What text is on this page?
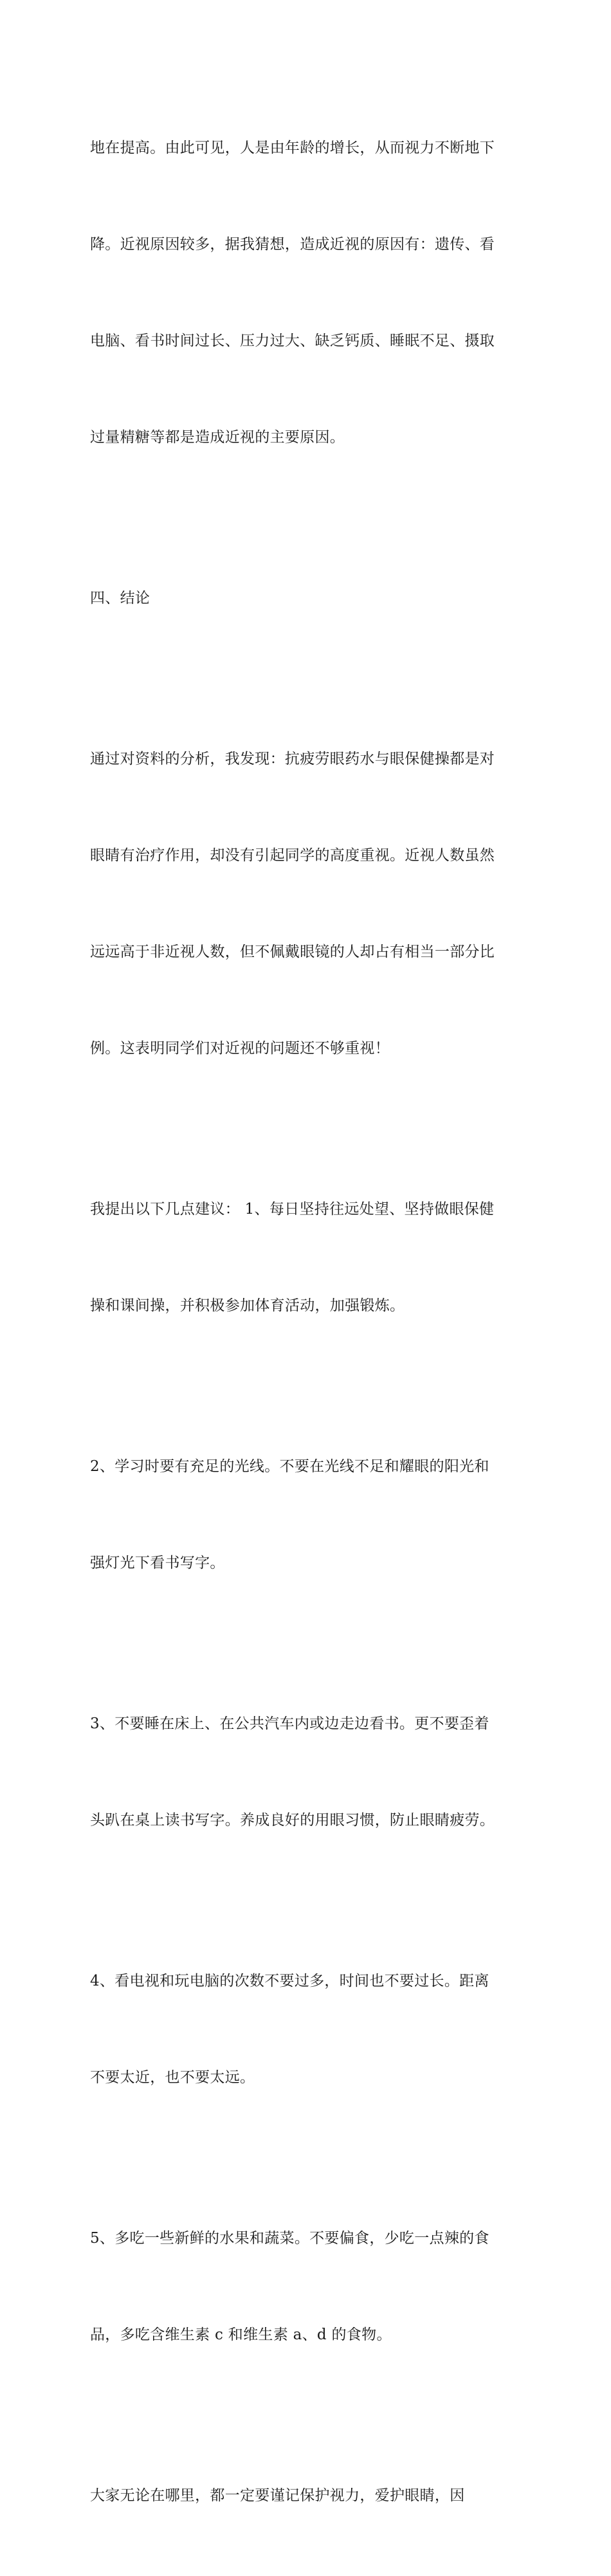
地在提高。由此可见，人是由年龄的增长，从而视力不断地下

降。近视原因较多，据我猜想，造成近视的原因有：遗传、看

电脑、看书时间过长、压力过大、缺乏钙质、睡眠不足、摄取

过量精糖等都是造成近视的主要原因。

四、结论

通过对资料的分析，我发现：抗疲劳眼药水与眼保健操都是对

眼睛有治疗作用，却没有引起同学的高度重视。近视人数虽然

远远高于非近视人数，但不佩戴眼镜的人却占有相当一部分比

例。这表明同学们对近视的问题还不够重视！

我提出以下几点建议： 1、每日坚持往远处望、坚持做眼保健

操和课间操，并积极参加体育活动，加强锻炼。

2、学习时要有充足的光线。不要在光线不足和耀眼的阳光和

强灯光下看书写字。

3、不要睡在床上、在公共汽车内或边走边看书。更不要歪着

头趴在桌上读书写字。养成良好的用眼习惯，防止眼睛疲劳。

4、看电视和玩电脑的次数不要过多，时间也不要过长。距离

不要太近，也不要太远。

5、多吃一些新鲜的水果和蔬菜。不要偏食，少吃一点辣的食

品，多吃含维生素 c 和维生素 a、d 的食物。

大家无论在哪里，都一定要谨记保护视力，爱护眼睛，因
